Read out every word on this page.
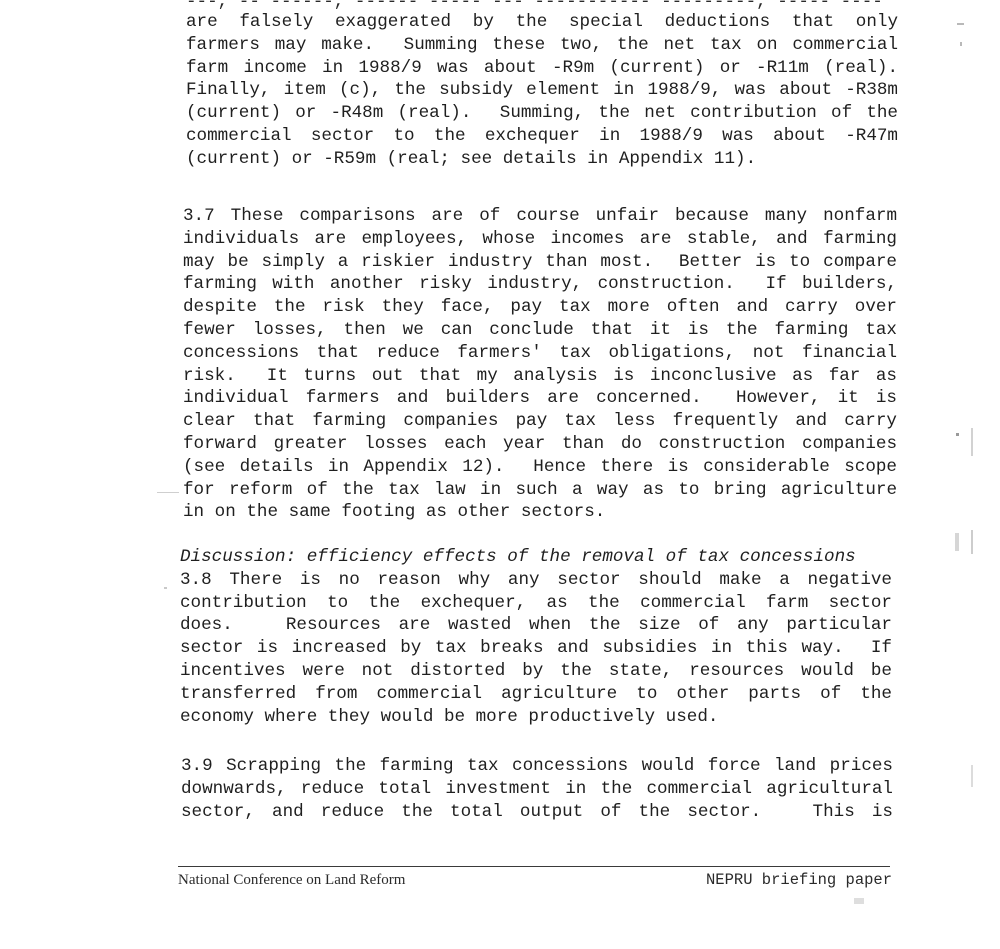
---, -- ------, ------ ----- --- ----------- ---------, ----- ----
are falsely exaggerated by the special deductions that only
farmers may make.  Summing these two, the net tax on commercial
farm income in 1988/9 was about -R9m (current) or -R11m (real).
Finally, item (c), the subsidy element in 1988/9, was about -R38m
(current) or -R48m (real).  Summing, the net contribution of the
commercial sector to the exchequer in 1988/9 was about -R47m
(current) or -R59m (real; see details in Appendix 11).
3.7 These comparisons are of course unfair because many nonfarm
individuals are employees, whose incomes are stable, and farming
may be simply a riskier industry than most.  Better is to compare
farming with another risky industry, construction.  If builders,
despite the risk they face, pay tax more often and carry over
fewer losses, then we can conclude that it is the farming tax
concessions that reduce farmers' tax obligations, not financial
risk.  It turns out that my analysis is inconclusive as far as
individual farmers and builders are concerned.  However, it is
clear that farming companies pay tax less frequently and carry
forward greater losses each year than do construction companies
(see details in Appendix 12).  Hence there is considerable scope
for reform of the tax law in such a way as to bring agriculture
in on the same footing as other sectors.
Discussion: efficiency effects of the removal of tax concessions
3.8 There is no reason why any sector should make a negative
contribution to the exchequer, as the commercial farm sector
does.   Resources are wasted when the size of any particular
sector is increased by tax breaks and subsidies in this way.  If
incentives were not distorted by the state, resources would be
transferred from commercial agriculture to other parts of the
economy where they would be more productively used.
3.9 Scrapping the farming tax concessions would force land prices
downwards, reduce total investment in the commercial agricultural
sector, and reduce the total output of the sector.   This is
National Conference on Land Reform	NEPRU briefing paper
